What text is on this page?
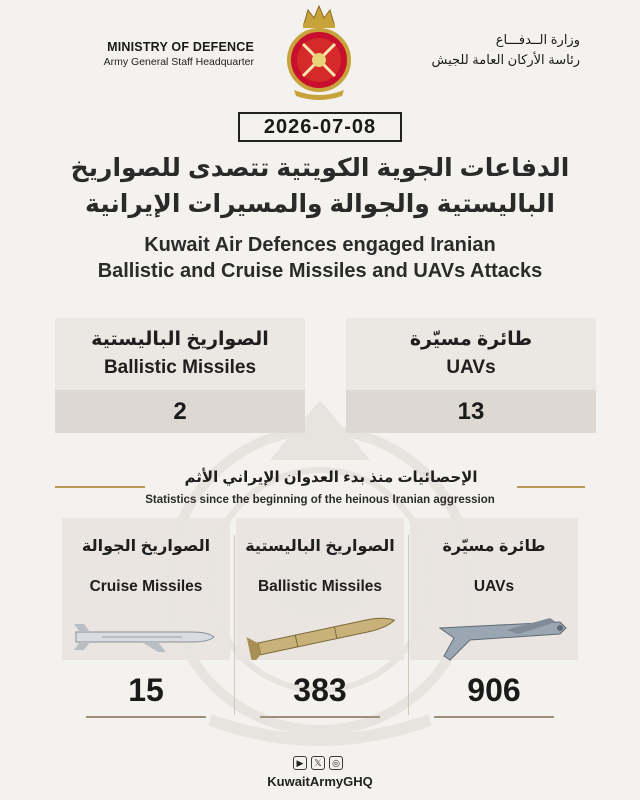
MINISTRY OF DEFENCE
Army General Staff Headquarter
وزارة الــدفـــاع
رئاسة الأركان العامة للجيش
2026-07-08
الدفاعات الجوية الكويتية تتصدى للصواريخ
الباليستية والجوالة والمسيرات الإيرانية
Kuwait Air Defences engaged Iranian
Ballistic and Cruise Missiles and UAVs Attacks
الصواريخ الباليستية
Ballistic Missiles
2
طائرة مسيّرة
UAVs
13
الإحصائيات منذ بدء العدوان الإيراني الأثم
Statistics since the beginning of the heinous Iranian aggression
الصواريخ الجوالة
Cruise Missiles
15
الصواريخ الباليستية
Ballistic Missiles
383
طائرة مسيّرة
UAVs
906
▶	𝕏	◎
KuwaitArmyGHQ
